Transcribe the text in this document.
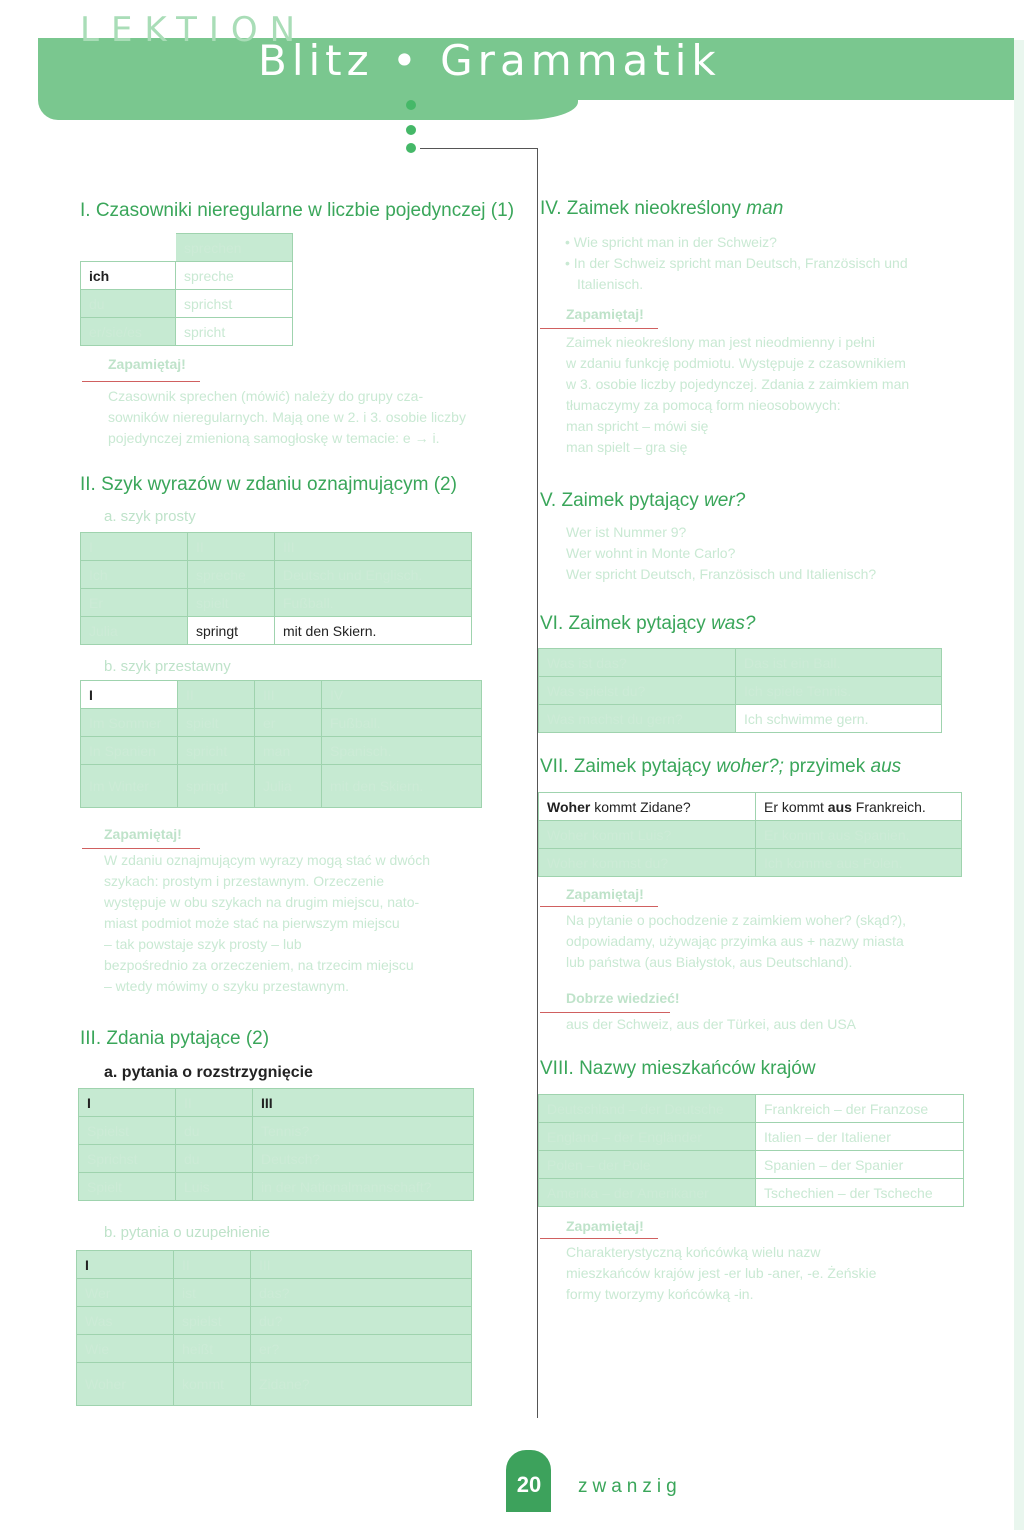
LEKTION
Blitz • Grammatik
I. Czasowniki nieregularne w liczbie pojedynczej (1)
	sprechen
ich	spreche
du	sprichst
er/sie/es	spricht
Zapamiętaj!
Czasownik sprechen (mówić) należy do grupy cza-
sowników nieregularnych. Mają one w 2. i 3. osobie liczby
pojedynczej zmienioną samogłoskę w temacie: e → i.
II. Szyk wyrazów w zdaniu oznajmującym (2)
a. szyk prosty
I	II	III
Ich	spreche	Deutsch und Englisch.
Er	spielt	Fußball.
Julia	springt	mit den Skiern.
b. szyk przestawny
I	II	III	IV
Im Sommer	spielt	er	Fußball.
In Spanien	spricht	man	Spanisch.
Im Winter	springt	Julia	mit den Skiern.
Zapamiętaj!
W zdaniu oznajmującym wyrazy mogą stać w dwóch
szykach: prostym i przestawnym. Orzeczenie
występuje w obu szykach na drugim miejscu, nato-
miast podmiot może stać na pierwszym miejscu
– tak powstaje szyk prosty – lub
bezpośrednio za orzeczeniem, na trzecim miejscu
– wtedy mówimy o szyku przestawnym.
III. Zdania pytające (2)
a. pytania o rozstrzygnięcie
I	II	III
Spielst	du	Tennis?
Sprichst	du	Deutsch?
Spielt	Luis	in der Nationalmannschaft?
b. pytania o uzupełnienie
I	II	III
Wer	ist	das?
Was	spielst	du?
Wie	heißt	er?
Woher	kommt	Zidane?
IV. Zaimek nieokreślony man
• Wie spricht man in der Schweiz?
• In der Schweiz spricht man Deutsch, Französisch und
Italienisch.
Zapamiętaj!
Zaimek nieokreślony man jest nieodmienny i pełni
w zdaniu funkcję podmiotu. Występuje z czasownikiem
w 3. osobie liczby pojedynczej. Zdania z zaimkiem man
tłumaczymy za pomocą form nieosobowych:
man spricht – mówi się
man spielt – gra się
V. Zaimek pytający wer?
Wer ist Nummer 9?
Wer wohnt in Monte Carlo?
Wer spricht Deutsch, Französisch und Italienisch?
VI. Zaimek pytający was?
Was ist das?	Das ist ein Ball.
Was spielst du?	Ich spiele Tennis.
Was machst du gern?	Ich schwimme gern.
VII. Zaimek pytający woher?; przyimek aus
Woher kommt Zidane?	Er kommt aus Frankreich.
Woher kommt Luis?	Er kommt aus Spanien.
Woher kommst du?	Ich komme aus Polen.
Zapamiętaj!
Na pytanie o pochodzenie z zaimkiem woher? (skąd?),
odpowiadamy, używając przyimka aus + nazwy miasta
lub państwa (aus Białystok, aus Deutschland).
Dobrze wiedzieć!
aus der Schweiz, aus der Türkei, aus den USA
VIII. Nazwy mieszkańców krajów
Deutschland – der Deutsche	Frankreich – der Franzose
England – der Engländer	Italien – der Italiener
Polen – der Pole	Spanien – der Spanier
Amerika – der Amerikaner	Tschechien – der Tscheche
Zapamiętaj!
Charakterystyczną końcówką wielu nazw
mieszkańców krajów jest -er lub -aner, -e. Żeńskie
formy tworzymy końcówką -in.
20	zwanzig
